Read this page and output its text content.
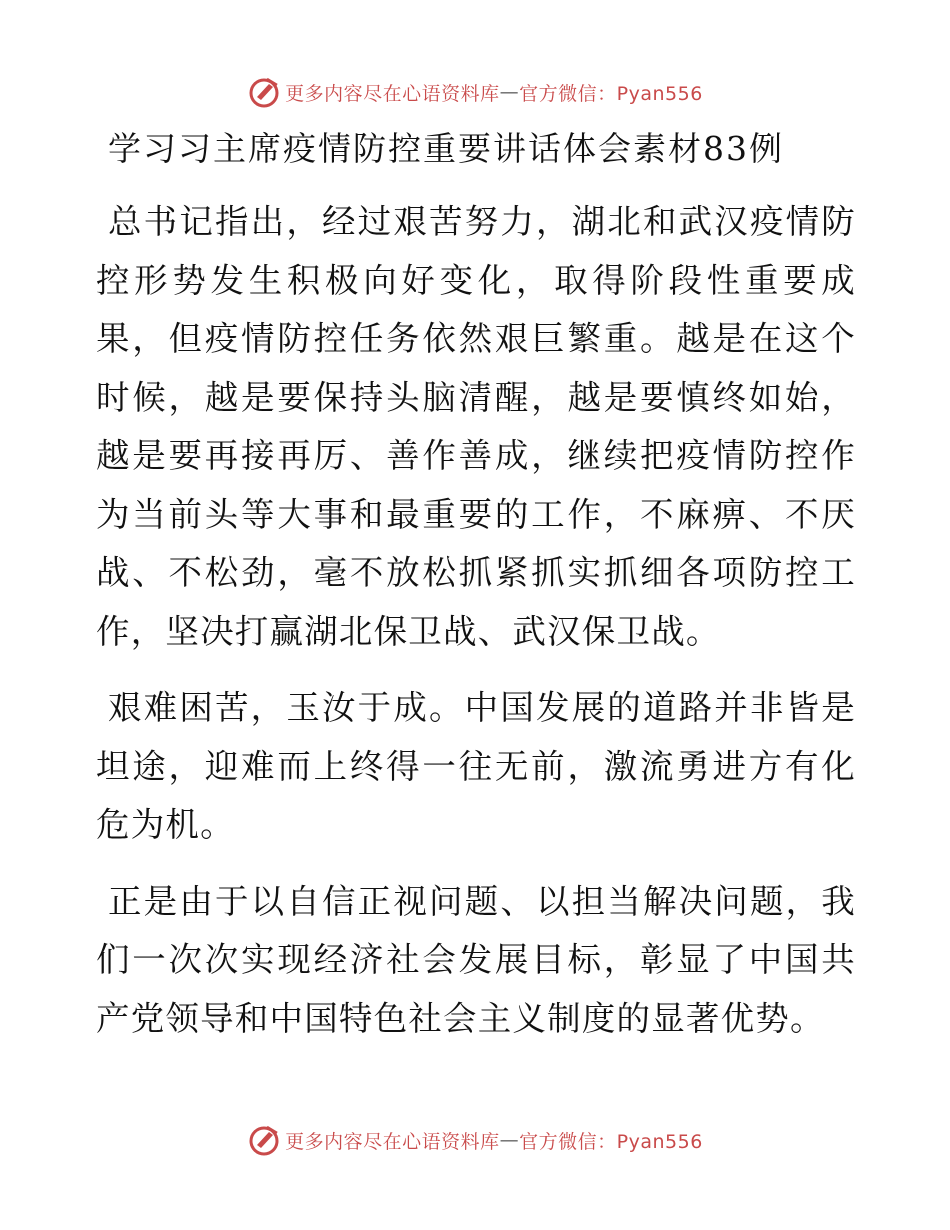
更多内容尽在心语资料库 — 官方微信：Pyan556
学习习主席疫情防控重要讲话体会素材83例

总书记指出，经过艰苦努力，湖北和武汉疫情防控形势发生积极向好变化，取得阶段性重要成果，但疫情防控任务依然艰巨繁重。越是在这个时候，越是要保持头脑清醒，越是要慎终如始，越是要再接再厉、善作善成，继续把疫情防控作为当前头等大事和最重要的工作，不麻痹、不厌战、不松劲，毫不放松抓紧抓实抓细各项防控工作，坚决打赢湖北保卫战、武汉保卫战。

艰难困苦，玉汝于成。中国发展的道路并非皆是坦途，迎难而上终得一往无前，激流勇进方有化危为机。

正是由于以自信正视问题、以担当解决问题，我们一次次实现经济社会发展目标，彰显了中国共产党领导和中国特色社会主义制度的显著优势。

更多内容尽在心语资料库 — 官方微信：Pyan556
